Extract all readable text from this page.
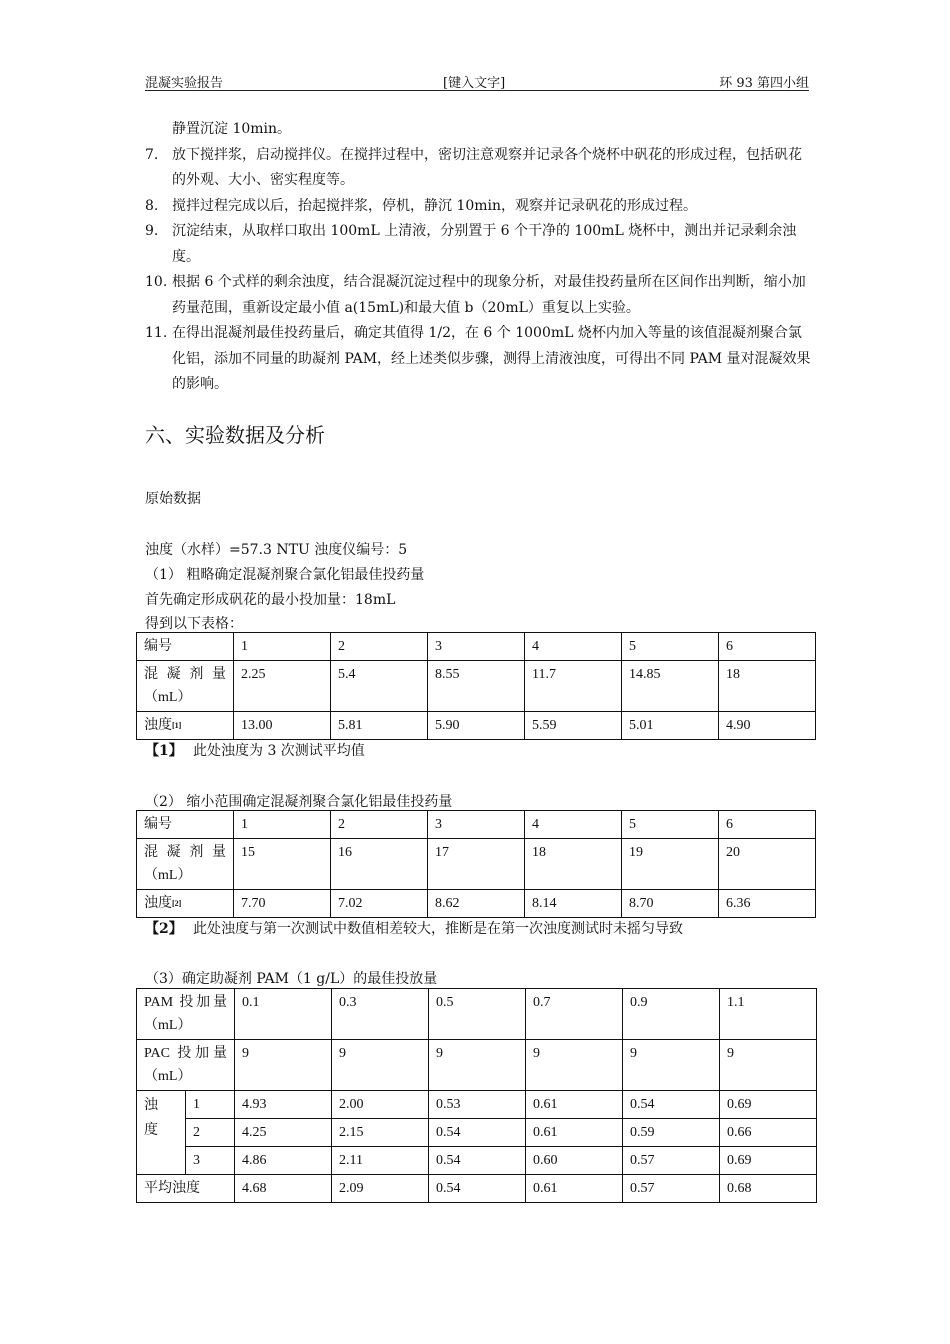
混凝实验报告	[键入文字]	环 93 第四小组
静置沉淀 10min。
7. 放下搅拌浆，启动搅拌仪。在搅拌过程中，密切注意观察并记录各个烧杯中矾花的形成过程，包括矾花的外观、大小、密实程度等。
8. 搅拌过程完成以后，抬起搅拌浆，停机，静沉 10min，观察并记录矾花的形成过程。
9. 沉淀结束，从取样口取出 100mL 上清液，分别置于 6 个干净的 100mL 烧杯中，测出并记录剩余浊度。
10. 根据 6 个式样的剩余浊度，结合混凝沉淀过程中的现象分析，对最佳投药量所在区间作出判断，缩小加药量范围，重新设定最小值 a(15mL)和最大值 b（20mL）重复以上实验。
11. 在得出混凝剂最佳投药量后，确定其值得 1/2，在 6 个 1000mL 烧杯内加入等量的该值混凝剂聚合氯化铝，添加不同量的助凝剂 PAM，经上述类似步骤，测得上清液浊度，可得出不同 PAM 量对混凝效果的影响。
六、实验数据及分析
原始数据
浊度（水样）=57.3 NTU 浊度仪编号：5
（1） 粗略确定混凝剂聚合氯化铝最佳投药量
首先确定形成矾花的最小投加量：18mL
得到以下表格：
编号	1	2	3	4	5	6

混凝剂量（mL）	2.25	5.4	8.55	11.7	14.85	18
浊度[1]	13.00	5.81	5.90	5.59	5.01	4.90
【1】 此处浊度为 3 次测试平均值
（2） 缩小范围确定混凝剂聚合氯化铝最佳投药量
编号	1	2	3	4	5	6

混凝剂量（mL）	15	16	17	18	19	20
浊度[2]	7.70	7.02	8.62	8.14	8.70	6.36
【2】 此处浊度与第一次测试中数值相差较大，推断是在第一次浊度测试时未摇匀导致
（3）确定助凝剂 PAM（1 g/L）的最佳投放量
PAM 投加量（mL）		0.1	0.3	0.5	0.7	0.9	1.1

PAC 投加量（mL）		9	9	9	9	9	9

浊度	1	4.93	2.00	0.53	0.61	0.54	0.69
	2	4.25	2.15	0.54	0.61	0.59	0.66
	3	4.86	2.11	0.54	0.60	0.57	0.69
平均浊度		4.68	2.09	0.54	0.61	0.57	0.68
